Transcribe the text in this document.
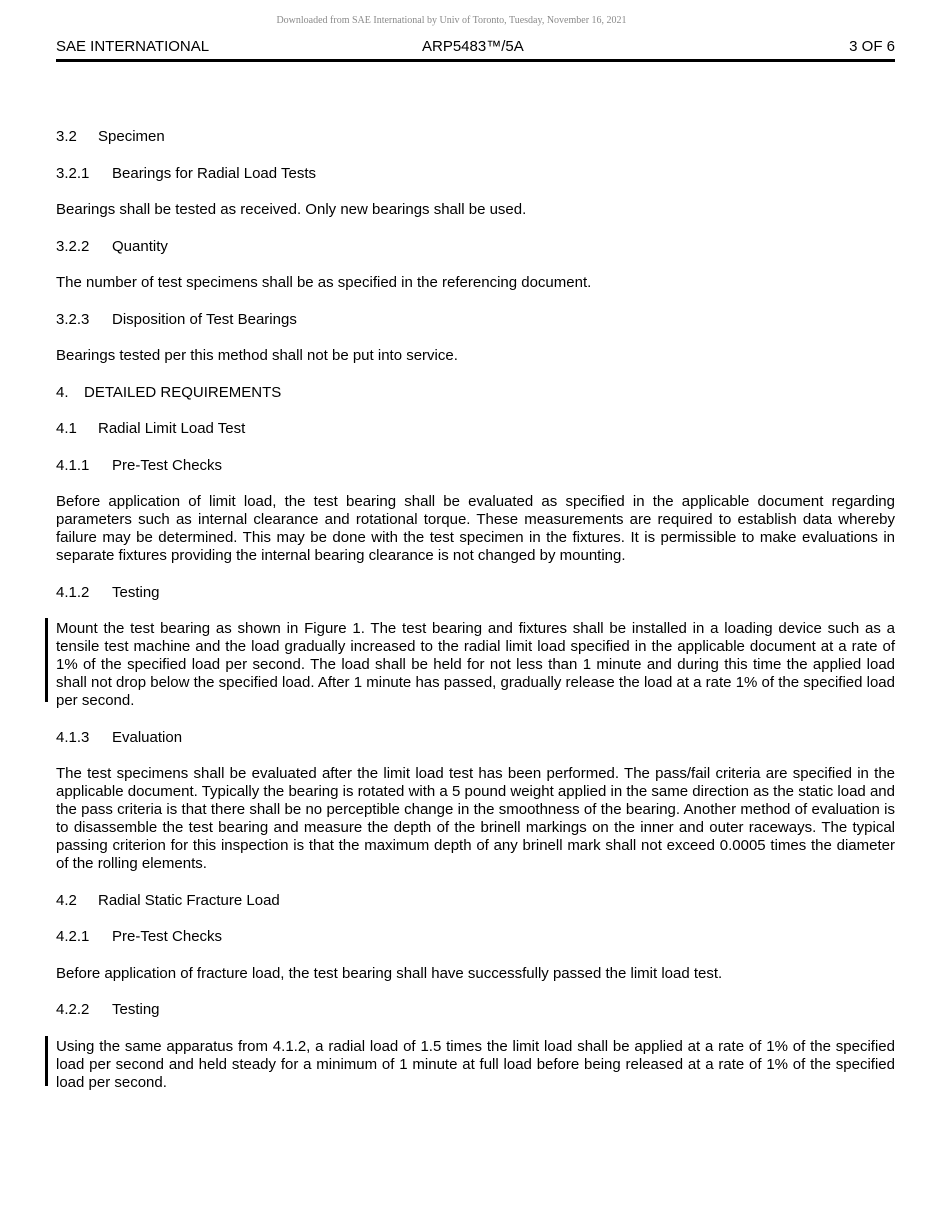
Downloaded from SAE International by Univ of Toronto, Tuesday, November 16, 2021
SAE INTERNATIONAL	ARP5483™/5A	3 OF 6
3.2 Specimen
3.2.1 Bearings for Radial Load Tests

Bearings shall be tested as received. Only new bearings shall be used.

3.2.2 Quantity

The number of test specimens shall be as specified in the referencing document.

3.2.3 Disposition of Test Bearings

Bearings tested per this method shall not be put into service.

4. DETAILED REQUIREMENTS
4.1 Radial Limit Load Test
4.1.1 Pre-Test Checks

Before application of limit load, the test bearing shall be evaluated as specified in the applicable document regarding parameters such as internal clearance and rotational torque. These measurements are required to establish data whereby failure may be determined. This may be done with the test specimen in the fixtures. It is permissible to make evaluations in separate fixtures providing the internal bearing clearance is not changed by mounting.

4.1.2 Testing
Mount the test bearing as shown in Figure 1. The test bearing and fixtures shall be installed in a loading device such as a tensile test machine and the load gradually increased to the radial limit load specified in the applicable document at a rate of 1% of the specified load per second. The load shall be held for not less than 1 minute and during this time the applied load shall not drop below the specified load. After 1 minute has passed, gradually release the load at a rate 1% of the specified load per second.
4.1.3 Evaluation

The test specimens shall be evaluated after the limit load test has been performed. The pass/fail criteria are specified in the applicable document. Typically the bearing is rotated with a 5 pound weight applied in the same direction as the static load and the pass criteria is that there shall be no perceptible change in the smoothness of the bearing. Another method of evaluation is to disassemble the test bearing and measure the depth of the brinell markings on the inner and outer raceways. The typical passing criterion for this inspection is that the maximum depth of any brinell mark shall not exceed 0.0005 times the diameter of the rolling elements.

4.2 Radial Static Fracture Load
4.2.1 Pre-Test Checks

Before application of fracture load, the test bearing shall have successfully passed the limit load test.

4.2.2 Testing
Using the same apparatus from 4.1.2, a radial load of 1.5 times the limit load shall be applied at a rate of 1% of the specified load per second and held steady for a minimum of 1 minute at full load before being released at a rate of 1% of the specified load per second.
